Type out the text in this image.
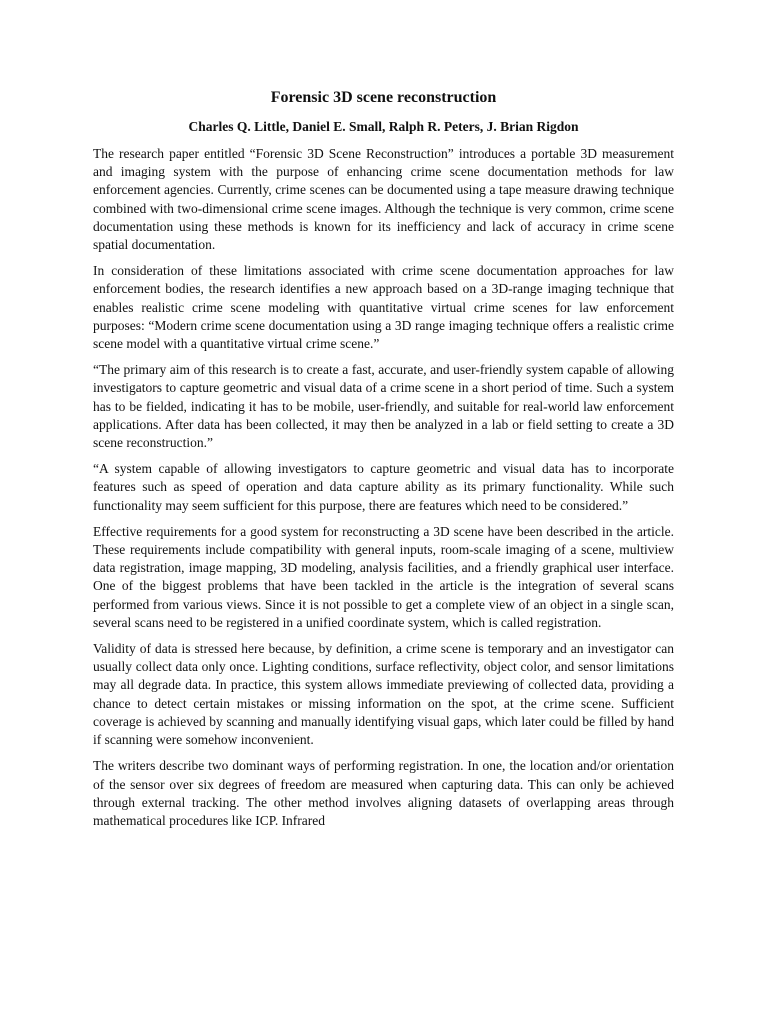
Forensic 3D scene reconstruction
Charles Q. Little, Daniel E. Small, Ralph R. Peters, J. Brian Rigdon

The research paper entitled “Forensic 3D Scene Reconstruction” introduces a portable 3D measurement and imaging system with the purpose of enhancing crime scene documentation methods for law enforcement agencies. Currently, crime scenes can be documented using a tape measure drawing technique combined with two-dimensional crime scene images. Although the technique is very common, crime scene documentation using these methods is known for its inefficiency and lack of accuracy in crime scene spatial documentation.

In consideration of these limitations associated with crime scene documentation approaches for law enforcement bodies, the research identifies a new approach based on a 3D-range imaging technique that enables realistic crime scene modeling with quantitative virtual crime scenes for law enforcement purposes: “Modern crime scene documentation using a 3D range imaging technique offers a realistic crime scene model with a quantitative virtual crime scene.”

“The primary aim of this research is to create a fast, accurate, and user-friendly system capable of allowing investigators to capture geometric and visual data of a crime scene in a short period of time. Such a system has to be fielded, indicating it has to be mobile, user-friendly, and suitable for real-world law enforcement applications. After data has been collected, it may then be analyzed in a lab or field setting to create a 3D scene reconstruction.”

“A system capable of allowing investigators to capture geometric and visual data has to incorporate features such as speed of operation and data capture ability as its primary functionality. While such functionality may seem sufficient for this purpose, there are features which need to be considered.”

Effective requirements for a good system for reconstructing a 3D scene have been described in the article. These requirements include compatibility with general inputs, room-scale imaging of a scene, multiview data registration, image mapping, 3D modeling, analysis facilities, and a friendly graphical user interface. One of the biggest problems that have been tackled in the article is the integration of several scans performed from various views. Since it is not possible to get a complete view of an object in a single scan, several scans need to be registered in a unified coordinate system, which is called registration.

Validity of data is stressed here because, by definition, a crime scene is temporary and an investigator can usually collect data only once. Lighting conditions, surface reflectivity, object color, and sensor limitations may all degrade data. In practice, this system allows immediate previewing of collected data, providing a chance to detect certain mistakes or missing information on the spot, at the crime scene. Sufficient coverage is achieved by scanning and manually identifying visual gaps, which later could be filled by hand if scanning were somehow inconvenient.

The writers describe two dominant ways of performing registration. In one, the location and/or orientation of the sensor over six degrees of freedom are measured when capturing data. This can only be achieved through external tracking. The other method involves aligning datasets of overlapping areas through mathematical procedures like ICP. Infrared
